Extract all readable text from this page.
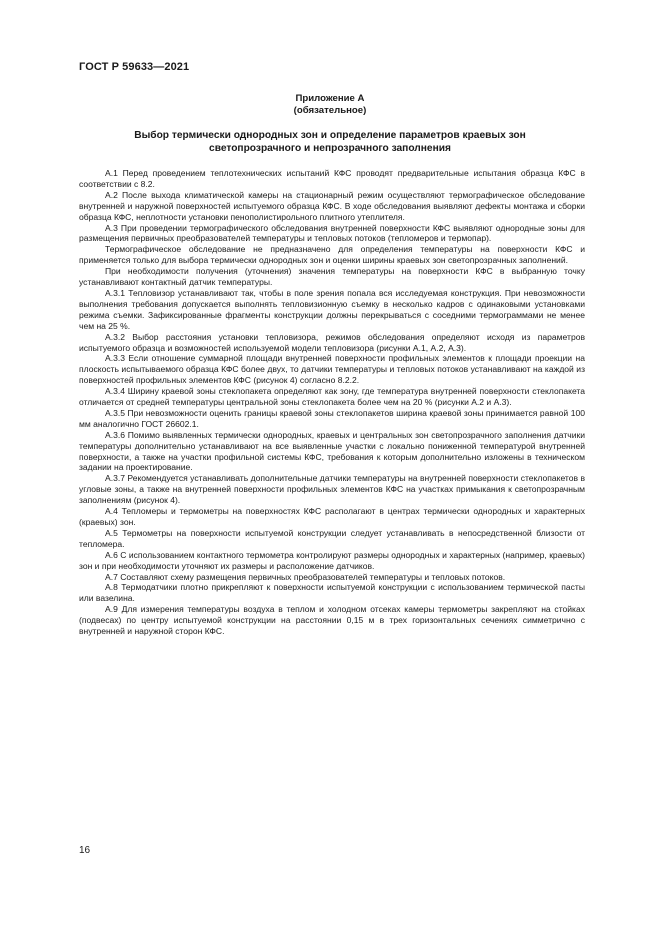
ГОСТ Р 59633—2021
Приложение А
(обязательное)
Выбор термически однородных зон и определение параметров краевых зон
светопрозрачного и непрозрачного заполнения

А.1 Перед проведением теплотехнических испытаний КФС проводят предварительные испытания образца КФС в соответствии с 8.2.

А.2 После выхода климатической камеры на стационарный режим осуществляют термографическое обследование внутренней и наружной поверхностей испытуемого образца КФС. В ходе обследования выявляют дефекты монтажа и сборки образца КФС, неплотности установки пенополистирольного плитного утеплителя.

А.3 При проведении термографического обследования внутренней поверхности КФС выявляют однородные зоны для размещения первичных преобразователей температуры и тепловых потоков (тепломеров и термопар).

Термографическое обследование не предназначено для определения температуры на поверхности КФС и применяется только для выбора термически однородных зон и оценки ширины краевых зон светопрозрачных заполнений.

При необходимости получения (уточнения) значения температуры на поверхности КФС в выбранную точку устанавливают контактный датчик температуры.

А.3.1 Тепловизор устанавливают так, чтобы в поле зрения попала вся исследуемая конструкция. При невозможности выполнения требования допускается выполнять тепловизионную съемку в несколько кадров с одинаковыми установками режима съемки. Зафиксированные фрагменты конструкции должны перекрываться с соседними термограммами не менее чем на 25 %.

А.3.2 Выбор расстояния установки тепловизора, режимов обследования определяют исходя из параметров испытуемого образца и возможностей используемой модели тепловизора (рисунки А.1, А.2, А.3).

А.3.3 Если отношение суммарной площади внутренней поверхности профильных элементов к площади проекции на плоскость испытываемого образца КФС более двух, то датчики температуры и тепловых потоков устанавливают на каждой из поверхностей профильных элементов КФС (рисунок 4) согласно 8.2.2.

А.3.4 Ширину краевой зоны стеклопакета определяют как зону, где температура внутренней поверхности стеклопакета отличается от средней температуры центральной зоны стеклопакета более чем на 20 % (рисунки А.2 и А.3).

А.3.5 При невозможности оценить границы краевой зоны стеклопакетов ширина краевой зоны принимается равной 100 мм аналогично ГОСТ 26602.1.

А.3.6 Помимо выявленных термически однородных, краевых и центральных зон светопрозрачного заполнения датчики температуры дополнительно устанавливают на все выявленные участки с локально пониженной температурой внутренней поверхности, а также на участки профильной системы КФС, требования к которым дополнительно изложены в техническом задании на проектирование.

А.3.7 Рекомендуется устанавливать дополнительные датчики температуры на внутренней поверхности стеклопакетов в угловые зоны, а также на внутренней поверхности профильных элементов КФС на участках примыкания к светопрозрачным заполнениям (рисунок 4).

А.4 Тепломеры и термометры на поверхностях КФС располагают в центрах термически однородных и характерных (краевых) зон.

А.5 Термометры на поверхности испытуемой конструкции следует устанавливать в непосредственной близости от тепломера.

А.6 С использованием контактного термометра контролируют размеры однородных и характерных (например, краевых) зон и при необходимости уточняют их размеры и расположение датчиков.

А.7 Составляют схему размещения первичных преобразователей температуры и тепловых потоков.

А.8 Термодатчики плотно прикрепляют к поверхности испытуемой конструкции с использованием термической пасты или вазелина.

А.9 Для измерения температуры воздуха в теплом и холодном отсеках камеры термометры закрепляют на стойках (подвесах) по центру испытуемой конструкции на расстоянии 0,15 м в трех горизонтальных сечениях симметрично с внутренней и наружной сторон КФС.

16
